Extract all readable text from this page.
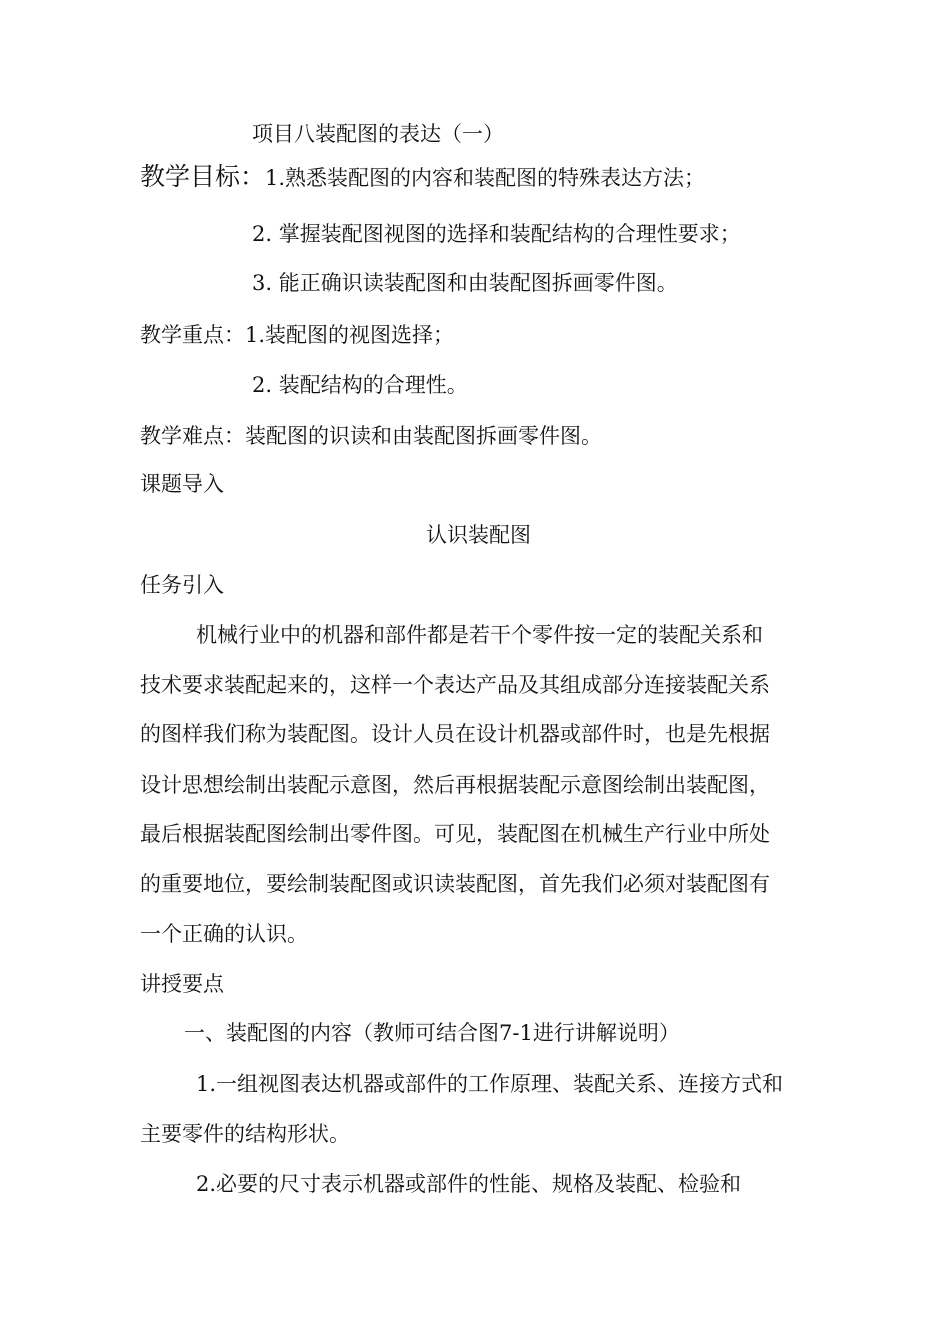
项目八装配图的表达（一）
教学目标：1.熟悉装配图的内容和装配图的特殊表达方法；
2. 掌握装配图视图的选择和装配结构的合理性要求；
3. 能正确识读装配图和由装配图拆画零件图。
教学重点：1.装配图的视图选择；
2. 装配结构的合理性。
教学难点：装配图的识读和由装配图拆画零件图。
课题导入
认识装配图
任务引入
机械行业中的机器和部件都是若干个零件按一定的装配关系和
技术要求装配起来的，这样一个表达产品及其组成部分连接装配关系
的图样我们称为装配图。设计人员在设计机器或部件时，也是先根据
设计思想绘制出装配示意图，然后再根据装配示意图绘制出装配图，
最后根据装配图绘制出零件图。可见，装配图在机械生产行业中所处
的重要地位，要绘制装配图或识读装配图，首先我们必须对装配图有
一个正确的认识。
讲授要点
一、装配图的内容（教师可结合图7-1进行讲解说明）
1.一组视图表达机器或部件的工作原理、装配关系、连接方式和
主要零件的结构形状。
2.必要的尺寸表示机器或部件的性能、规格及装配、检验和
